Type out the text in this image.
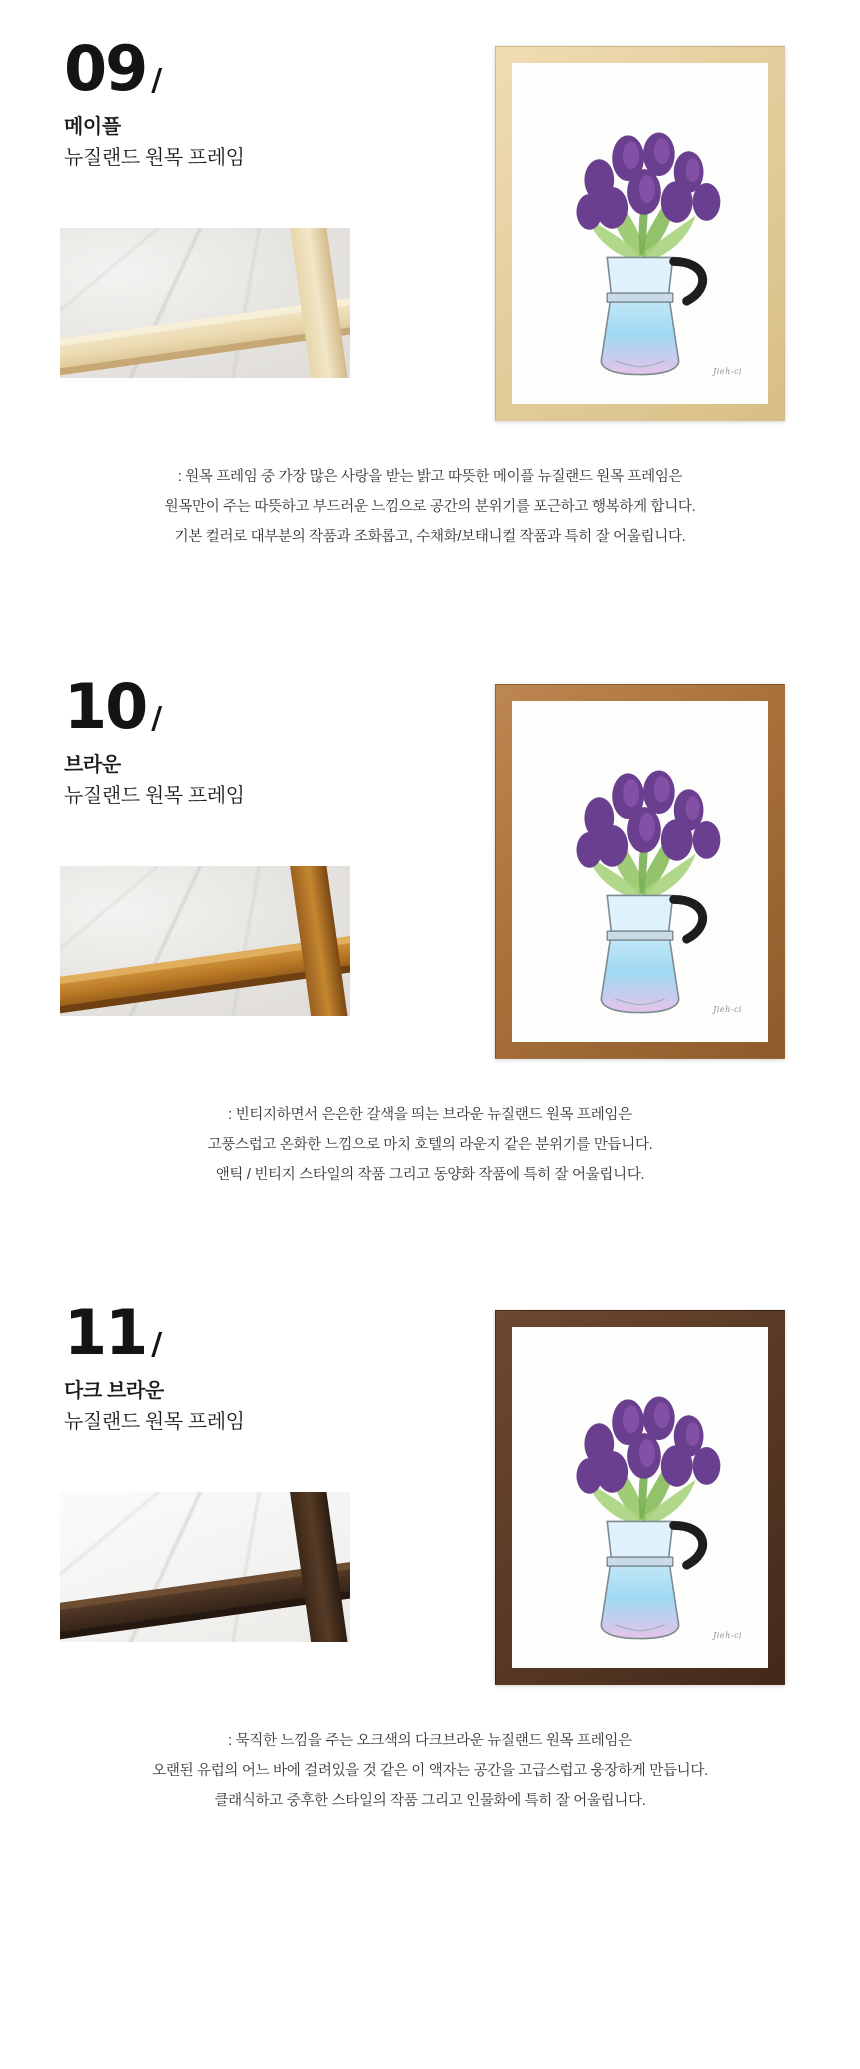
09 /
메이플
뉴질랜드 원목 프레임
Jieh-ci

: 원목 프레임 중 가장 많은 사랑을 받는 밝고 따뜻한 메이플 뉴질랜드 원목 프레임은

원목만이 주는 따뜻하고 부드러운 느낌으로 공간의 분위기를 포근하고 행복하게 합니다.

기본 컬러로 대부분의 작품과 조화롭고, 수채화/보태니컬 작품과 특히 잘 어울립니다.

10 /
브라운
뉴질랜드 원목 프레임
Jieh-ci

: 빈티지하면서 은은한 갈색을 띄는 브라운 뉴질랜드 원목 프레임은

고풍스럽고 온화한 느낌으로 마치 호텔의 라운지 같은 분위기를 만듭니다.

앤틱 / 빈티지 스타일의 작품 그리고 동양화 작품에 특히 잘 어울립니다.

11 /
다크 브라운
뉴질랜드 원목 프레임
Jieh-ci

: 묵직한 느낌을 주는 오크색의 다크브라운 뉴질랜드 원목 프레임은

오랜된 유럽의 어느 바에 걸려있을 것 같은 이 액자는 공간을 고급스럽고 웅장하게 만듭니다.

클래식하고 중후한 스타일의 작품 그리고 인물화에 특히 잘 어울립니다.
